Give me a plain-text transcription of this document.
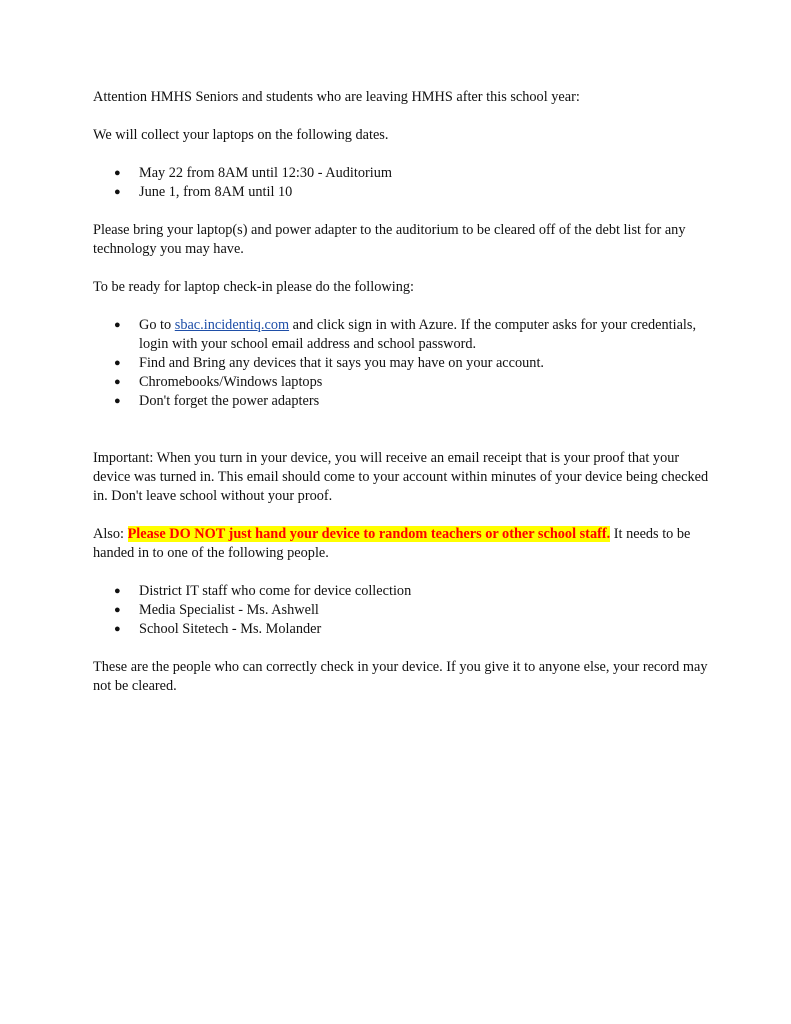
Attention HMHS Seniors and students who are leaving HMHS after this school year:

We will collect your laptops on the following dates.

● May 22 from 8AM until 12:30 - Auditorium
● June 1, from 8AM until 10

Please bring your laptop(s) and power adapter to the auditorium to be cleared off of the debt list for any technology you may have.

To be ready for laptop check-in please do the following:

● Go to sbac.incidentiq.com and click sign in with Azure. If the computer asks for your credentials, login with your school email address and school password.
● Find and Bring any devices that it says you may have on your account.
● Chromebooks/Windows laptops
● Don't forget the power adapters

Important: When you turn in your device, you will receive an email receipt that is your proof that your device was turned in. This email should come to your account within minutes of your device being checked in. Don't leave school without your proof.

Also: Please DO NOT just hand your device to random teachers or other school staff. It needs to be handed in to one of the following people.

● District IT staff who come for device collection
● Media Specialist - Ms. Ashwell
● School Sitetech - Ms. Molander

These are the people who can correctly check in your device. If you give it to anyone else, your record may not be cleared.
